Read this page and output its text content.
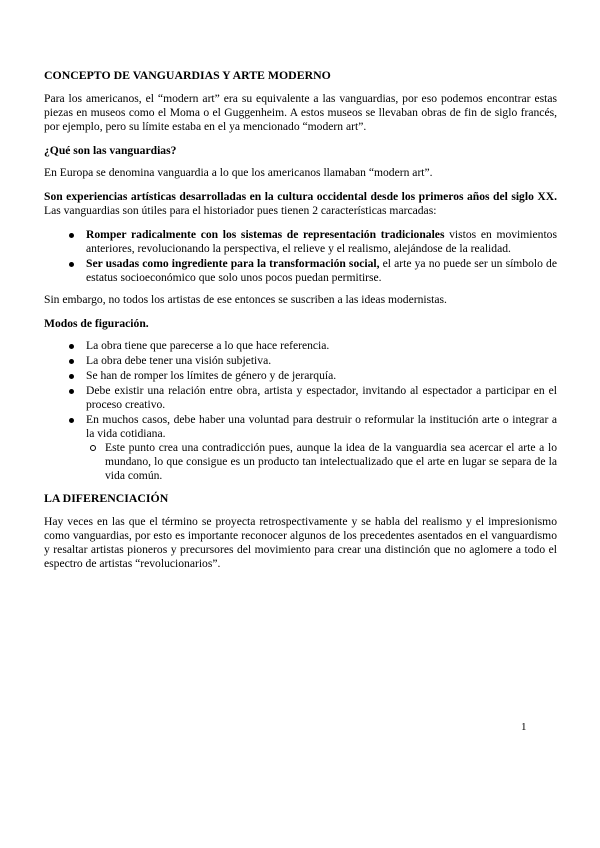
CONCEPTO DE VANGUARDIAS Y ARTE MODERNO

Para los americanos, el “modern art” era su equivalente a las vanguardias, por eso podemos encontrar estas piezas en museos como el Moma o el Guggenheim. A estos museos se llevaban obras de fin de siglo francés, por ejemplo, pero su límite estaba en el ya mencionado “modern art”.

¿Qué son las vanguardias?

En Europa se denomina vanguardia a lo que los americanos llamaban “modern art”.

Son experiencias artísticas desarrolladas en la cultura occidental desde los primeros años del siglo XX. Las vanguardias son útiles para el historiador pues tienen 2 características marcadas:

Romper radicalmente con los sistemas de representación tradicionales vistos en movimientos anteriores, revolucionando la perspectiva, el relieve y el realismo, alejándose de la realidad.
Ser usadas como ingrediente para la transformación social, el arte ya no puede ser un símbolo de estatus socioeconómico que solo unos pocos puedan permitirse.

Sin embargo, no todos los artistas de ese entonces se suscriben a las ideas modernistas.

Modos de figuración.
La obra tiene que parecerse a lo que hace referencia.
La obra debe tener una visión subjetiva.
Se han de romper los límites de género y de jerarquía.
Debe existir una relación entre obra, artista y espectador, invitando al espectador a participar en el proceso creativo.
En muchos casos, debe haber una voluntad para destruir o reformular la institución arte o integrar a la vida cotidiana.
Este punto crea una contradicción pues, aunque la idea de la vanguardia sea acercar el arte a lo mundano, lo que consigue es un producto tan intelectualizado que el arte en lugar se separa de la vida común.
LA DIFERENCIACIÓN

Hay veces en las que el término se proyecta retrospectivamente y se habla del realismo y el impresionismo como vanguardias, por esto es importante reconocer algunos de los precedentes asentados en el vanguardismo y resaltar artistas pioneros y precursores del movimiento para crear una distinción que no aglomere a todo el espectro de artistas “revolucionarios”.

1
